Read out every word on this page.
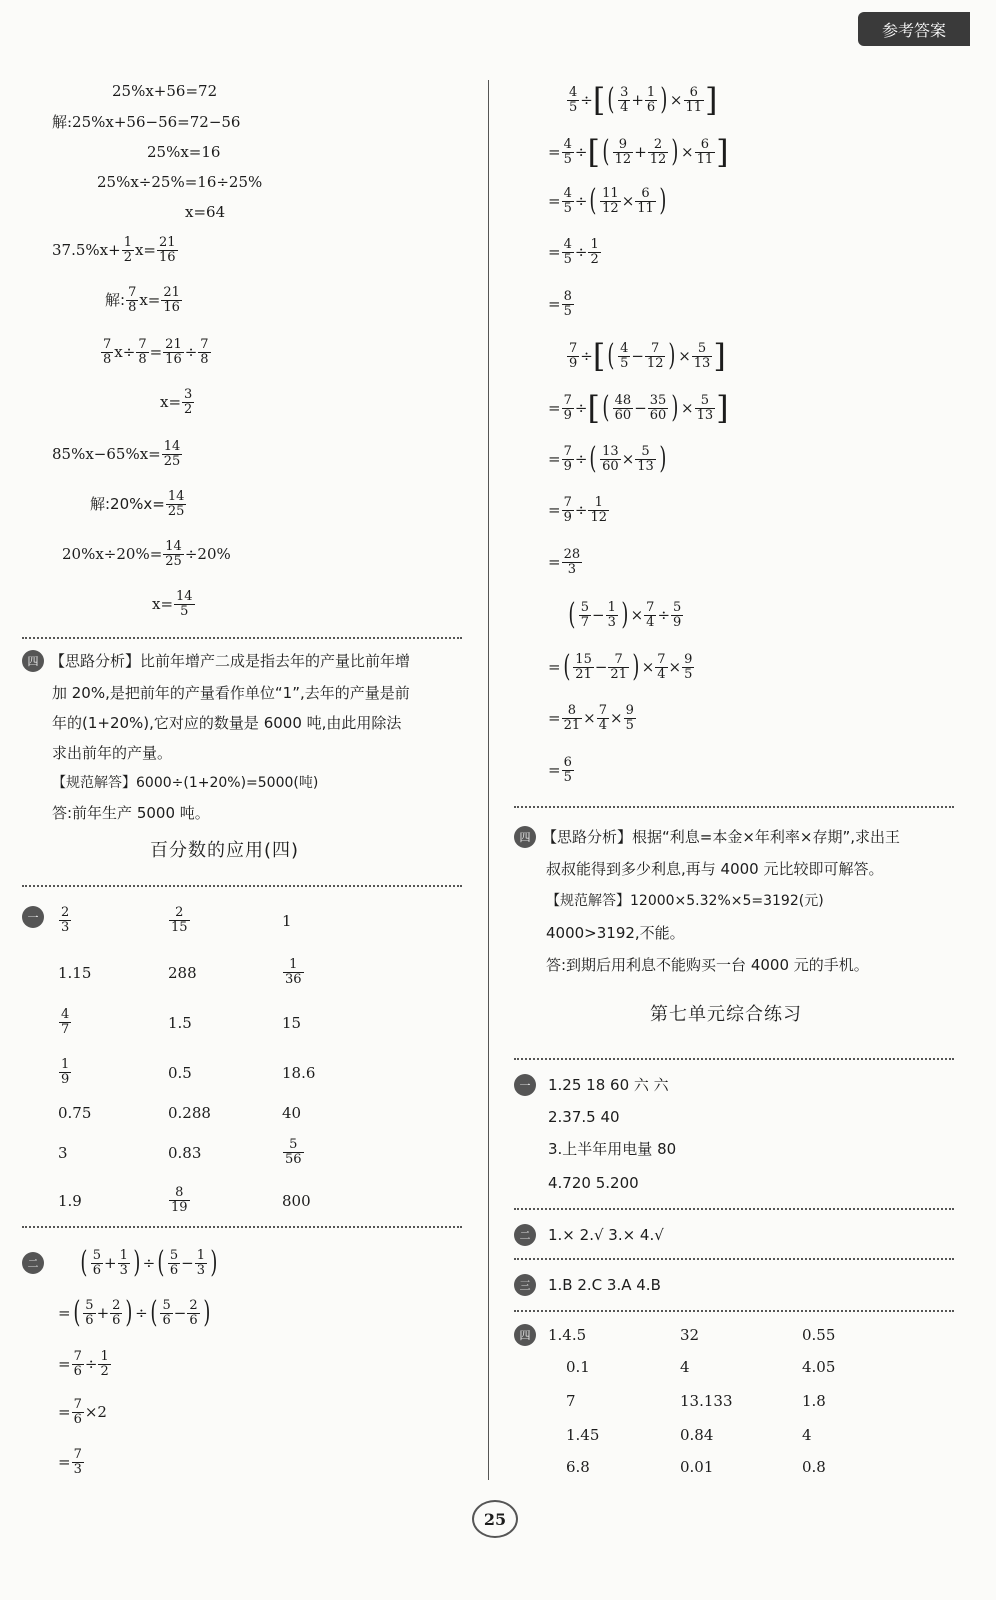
参考答案
25%x+56=72
解:25%x+56−56=72−56
25%x=16
25%x÷25%=16÷25%
x=64
$37.5\%x+ \frac{1}{2} x= \frac{21}{16}$
解: $\frac{7}{8} x= \frac{21}{16}$
$\frac{7}{8} x\div \frac{7}{8} = \frac{21}{16} \div \frac{7}{8}$
$x= \frac{3}{2}$
$85\%x-65\%x= \frac{14}{25}$
解:20%x= $\frac{14}{25}$
$20\%x\div 20\%= \frac{14}{25} \div 20\%$
$x= \frac{14}{5}$
四 【思路分析】比前年增产二成是指去年的产量比前年增
加 20%,是把前年的产量看作单位“1”,去年的产量是前
年的(1+20%),它对应的数量是 6000 吨,由此用除法
求出前年的产量。
【规范解答】6000÷(1+20%)=5000(吨)
答:前年生产 5000 吨。
百分数的应用(四)
一	$\frac{2}{3}$	$\frac{2}{15}$	1
1.15	288	$\frac{1}{36}$
$\frac{4}{7}$	1.5	15
$\frac{1}{9}$	0.5	18.6
0.75	0.288	40
3	0.83	$\frac{5}{56}$
1.9	$\frac{8}{19}$	800
二 ( $\frac{5}{6} + \frac{1}{3}$ ) ÷ ( $\frac{5}{6} - \frac{1}{3}$ )
= ( $\frac{5}{6} + \frac{2}{6}$ ) ÷ ( $\frac{5}{6} - \frac{2}{6}$ )
= $\frac{7}{6} \div \frac{1}{2}$
= $\frac{7}{6} \times 2$
= $\frac{7}{3}$
$\frac{4}{5}$ ÷ [ ( $\frac{3}{4} + \frac{1}{6}$ ) × $\frac{6}{11}$ ]
= $\frac{4}{5}$ ÷ [ ( $\frac{9}{12} + \frac{2}{12}$ ) × $\frac{6}{11}$ ]
= $\frac{4}{5}$ ÷ ( $\frac{11}{12} \times \frac{6}{11}$ )
= $\frac{4}{5} \div \frac{1}{2}$
= $\frac{8}{5}$
$\frac{7}{9}$ ÷ [ ( $\frac{4}{5} - \frac{7}{12}$ ) × $\frac{5}{13}$ ]
= $\frac{7}{9}$ ÷ [ ( $\frac{48}{60} - \frac{35}{60}$ ) × $\frac{5}{13}$ ]
= $\frac{7}{9}$ ÷ ( $\frac{13}{60} \times \frac{5}{13}$ )
= $\frac{7}{9} \div \frac{1}{12}$
= $\frac{28}{3}$
( $\frac{5}{7} - \frac{1}{3}$ ) × $\frac{7}{4} \div \frac{5}{9}$
= ( $\frac{15}{21} - \frac{7}{21}$ ) × $\frac{7}{4} \times \frac{9}{5}$
= $\frac{8}{21} \times \frac{7}{4} \times \frac{9}{5}$
= $\frac{6}{5}$
四 【思路分析】根据“利息=本金×年利率×存期”,求出王
叔叔能得到多少利息,再与 4000 元比较即可解答。
【规范解答】12000×5.32%×5=3192(元)
4000>3192,不能。
答:到期后用利息不能购买一台 4000 元的手机。
第七单元综合练习
一	1.25 18 60 六 六
2.37.5 40
3.上半年用电量 80
4.720 5.200
二	1.× 2.√ 3.× 4.√
三	1.B 2.C 3.A 4.B
四	1.4.5	32	0.55
0.1	4	4.05
7	13.133	1.8
1.45	0.84	4
6.8	0.01	0.8
25
